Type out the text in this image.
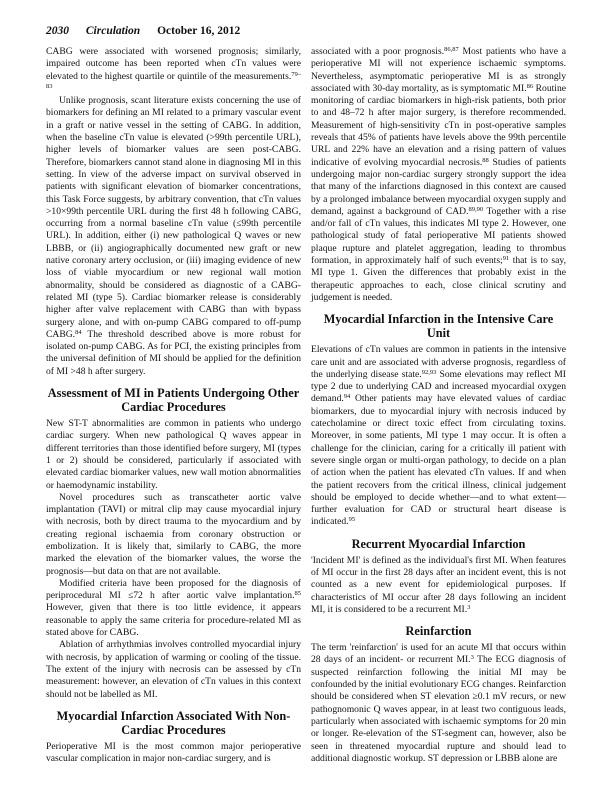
2030 Circulation October 16, 2012

CABG were associated with worsened prognosis; similarly, impaired outcome has been reported when cTn values were elevated to the highest quartile or quintile of the measurements.$^{79-83}$

Unlike prognosis, scant literature exists concerning the use of biomarkers for defining an MI related to a primary vascular event in a graft or native vessel in the setting of CABG. In addition, when the baseline cTn value is elevated (>99th percentile URL), higher levels of biomarker values are seen post-CABG. Therefore, biomarkers cannot stand alone in diagnosing MI in this setting. In view of the adverse impact on survival observed in patients with significant elevation of biomarker concentrations, this Task Force suggests, by arbitrary convention, that cTn values >10×99th percentile URL during the first 48 h following CABG, occurring from a normal baseline cTn value (≤99th percentile URL). In addition, either (i) new pathological Q waves or new LBBB, or (ii) angiographically documented new graft or new native coronary artery occlusion, or (iii) imaging evidence of new loss of viable myocardium or new regional wall motion abnormality, should be considered as diagnostic of a CABG-related MI (type 5). Cardiac biomarker release is considerably higher after valve replacement with CABG than with bypass surgery alone, and with on-pump CABG compared to off-pump CABG.$^{84}$ The threshold described above is more robust for isolated on-pump CABG. As for PCI, the existing principles from the universal definition of MI should be applied for the definition of MI >48 h after surgery.

Assessment of MI in Patients Undergoing Other Cardiac Procedures

New ST-T abnormalities are common in patients who undergo cardiac surgery. When new pathological Q waves appear in different territories than those identified before surgery, MI (types 1 or 2) should be considered, particularly if associated with elevated cardiac biomarker values, new wall motion abnormalities or haemodynamic instability.

Novel procedures such as transcatheter aortic valve implantation (TAVI) or mitral clip may cause myocardial injury with necrosis, both by direct trauma to the myocardium and by creating regional ischaemia from coronary obstruction or embolization. It is likely that, similarly to CABG, the more marked the elevation of the biomarker values, the worse the prognosis—but data on that are not available.

Modified criteria have been proposed for the diagnosis of periprocedural MI ≤72 h after aortic valve implantation.$^{85}$ However, given that there is too little evidence, it appears reasonable to apply the same criteria for procedure-related MI as stated above for CABG.

Ablation of arrhythmias involves controlled myocardial injury with necrosis, by application of warming or cooling of the tissue. The extent of the injury with necrosis can be assessed by cTn measurement: however, an elevation of cTn values in this context should not be labelled as MI.

Myocardial Infarction Associated With Non-Cardiac Procedures

Perioperative MI is the most common major perioperative vascular complication in major non-cardiac surgery, and is

associated with a poor prognosis.$^{86,87}$ Most patients who have a perioperative MI will not experience ischaemic symptoms. Nevertheless, asymptomatic perioperative MI is as strongly associated with 30-day mortality, as is symptomatic MI.$^{86}$ Routine monitoring of cardiac biomarkers in high-risk patients, both prior to and 48–72 h after major surgery, is therefore recommended. Measurement of high-sensitivity cTn in post-operative samples reveals that 45% of patients have levels above the 99th percentile URL and 22% have an elevation and a rising pattern of values indicative of evolving myocardial necrosis.$^{88}$ Studies of patients undergoing major non-cardiac surgery strongly support the idea that many of the infarctions diagnosed in this context are caused by a prolonged imbalance between myocardial oxygen supply and demand, against a background of CAD.$^{89,90}$ Together with a rise and/or fall of cTn values, this indicates MI type 2. However, one pathological study of fatal perioperative MI patients showed plaque rupture and platelet aggregation, leading to thrombus formation, in approximately half of such events;$^{91}$ that is to say, MI type 1. Given the differences that probably exist in the therapeutic approaches to each, close clinical scrutiny and judgement is needed.

Myocardial Infarction in the Intensive Care Unit

Elevations of cTn values are common in patients in the intensive care unit and are associated with adverse prognosis, regardless of the underlying disease state.$^{92,93}$ Some elevations may reflect MI type 2 due to underlying CAD and increased myocardial oxygen demand.$^{94}$ Other patients may have elevated values of cardiac biomarkers, due to myocardial injury with necrosis induced by catecholamine or direct toxic effect from circulating toxins. Moreover, in some patients, MI type 1 may occur. It is often a challenge for the clinician, caring for a critically ill patient with severe single organ or multi-organ pathology, to decide on a plan of action when the patient has elevated cTn values. If and when the patient recovers from the critical illness, clinical judgement should be employed to decide whether—and to what extent—further evaluation for CAD or structural heart disease is indicated.$^{95}$

Recurrent Myocardial Infarction

'Incident MI' is defined as the individual's first MI. When features of MI occur in the first 28 days after an incident event, this is not counted as a new event for epidemiological purposes. If characteristics of MI occur after 28 days following an incident MI, it is considered to be a recurrent MI.$^3$

Reinfarction

The term 'reinfarction' is used for an acute MI that occurs within 28 days of an incident- or recurrent MI.$^3$ The ECG diagnosis of suspected reinfarction following the initial MI may be confounded by the initial evolutionary ECG changes. Reinfarction should be considered when ST elevation ≥0.1 mV recurs, or new pathognomonic Q waves appear, in at least two contiguous leads, particularly when associated with ischaemic symptoms for 20 min or longer. Re-elevation of the ST-segment can, however, also be seen in threatened myocardial rupture and should lead to additional diagnostic workup. ST depression or LBBB alone are
